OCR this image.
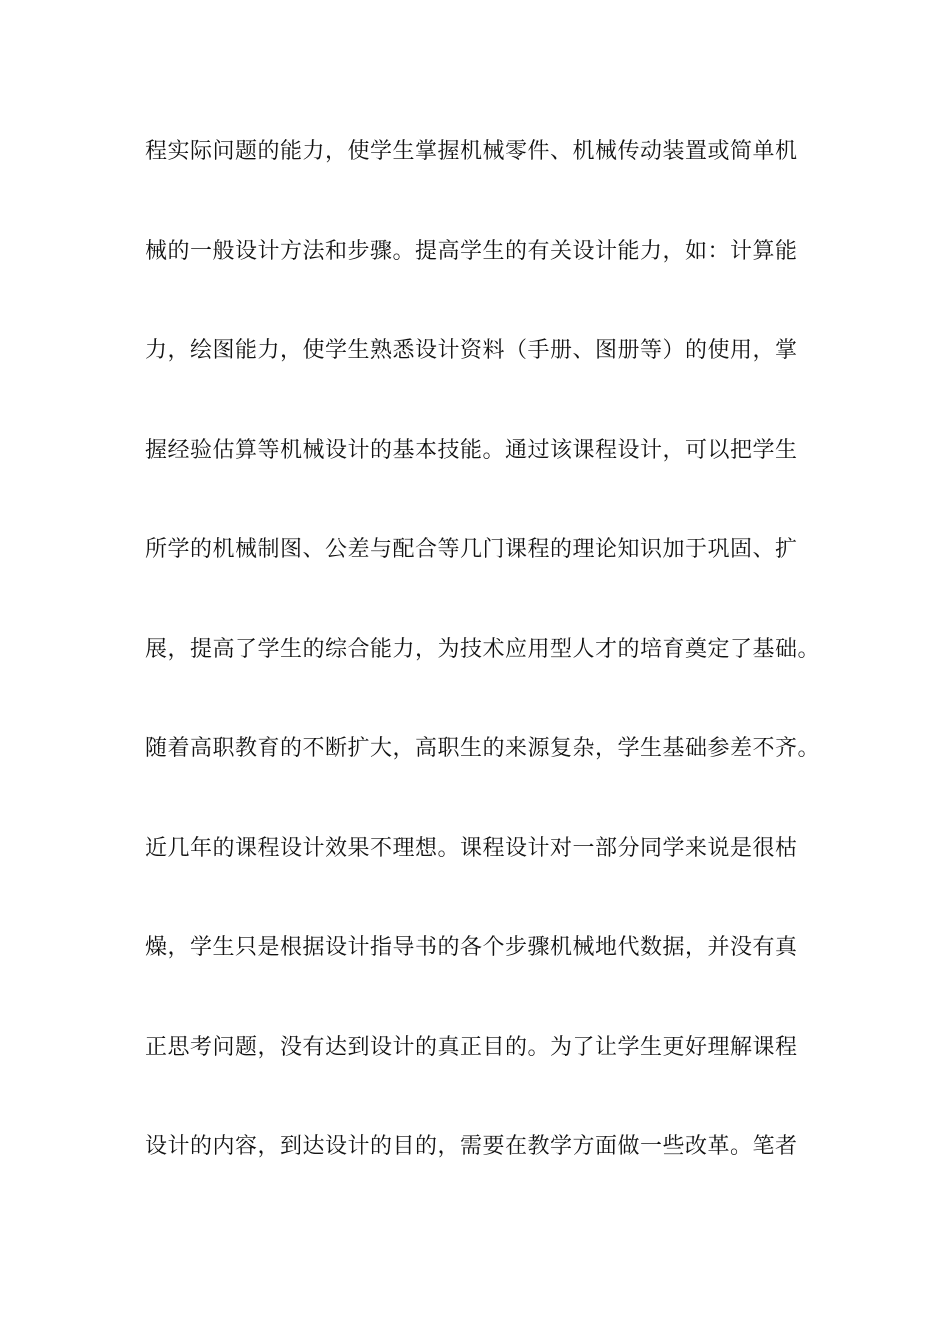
程实际问题的能力，使学生掌握机械零件、机械传动装置或简单机

械的一般设计方法和步骤。提高学生的有关设计能力，如：计算能

力，绘图能力，使学生熟悉设计资料（手册、图册等）的使用，掌

握经验估算等机械设计的基本技能。通过该课程设计，可以把学生

所学的机械制图、公差与配合等几门课程的理论知识加于巩固、扩

展，提高了学生的综合能力，为技术应用型人才的培育奠定了基础。

随着高职教育的不断扩大，高职生的来源复杂，学生基础参差不齐。

近几年的课程设计效果不理想。课程设计对一部分同学来说是很枯

燥，学生只是根据设计指导书的各个步骤机械地代数据，并没有真

正思考问题，没有达到设计的真正目的。为了让学生更好理解课程

设计的内容，到达设计的目的，需要在教学方面做一些改革。笔者
